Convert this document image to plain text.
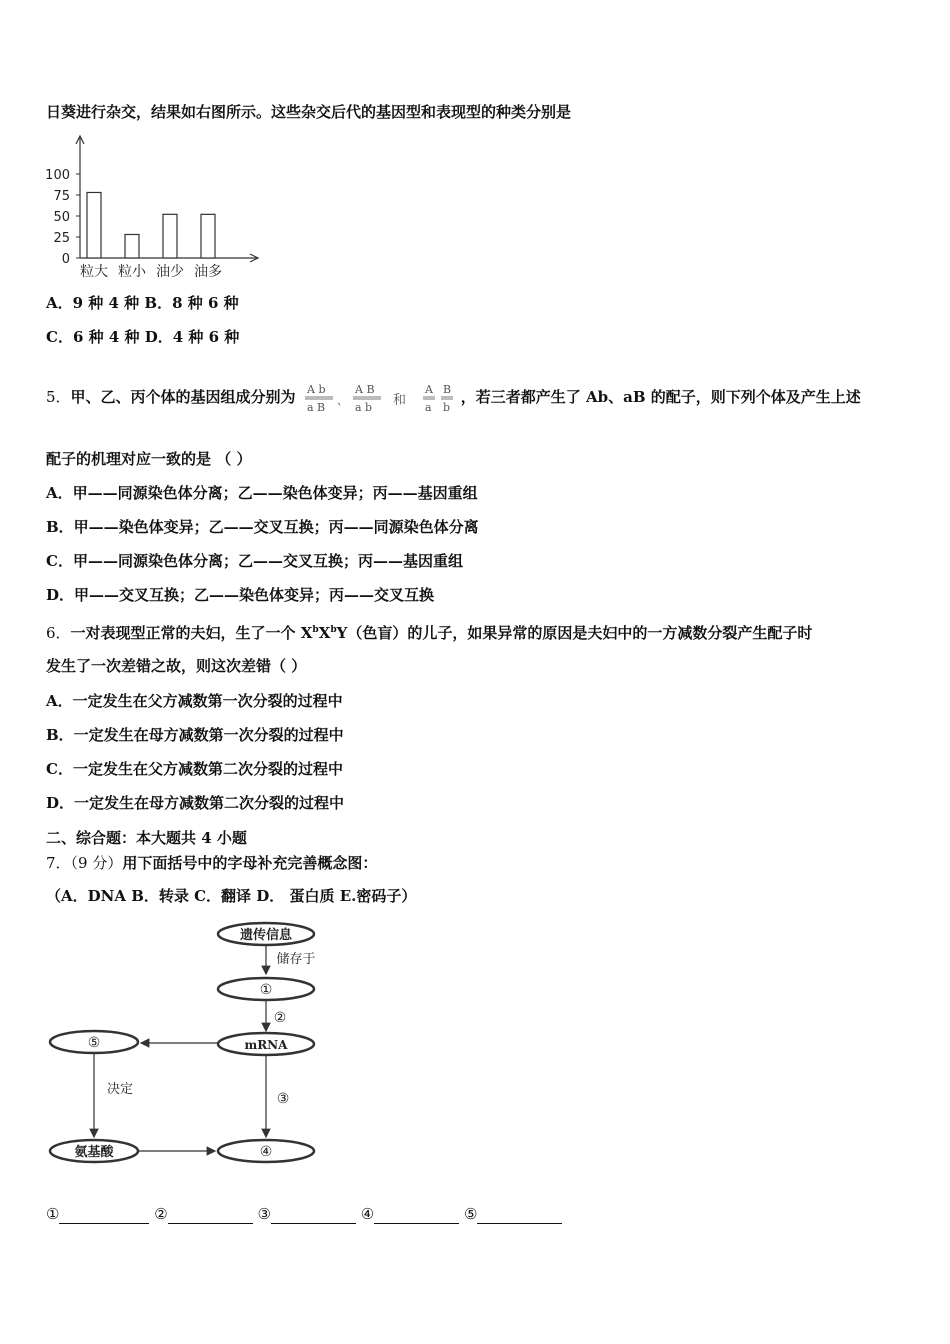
日葵进行杂交，结果如右图所示。这些杂交后代的基因型和表现型的种类分别是
100
75
50
25
0
粒大 粒小 油少 油多
A．9 种 4 种 B．8 种 6 种
C．6 种 4 种 D．4 种 6 种
5．甲、乙、丙个体的基因组成分别为 A b
a B
、
A B
a b 和
A
a
B
b
，若三者都产生了 Ab、aB 的配子，则下列个体及产生上述
配子的机理对应一致的是 （ ）
A．甲——同源染色体分离；乙——染色体变异；丙——基因重组
B．甲——染色体变异；乙——交叉互换；丙——同源染色体分离
C．甲——同源染色体分离；乙——交叉互换；丙——基因重组
D．甲——交叉互换；乙——染色体变异；丙——交叉互换
6．一对表现型正常的夫妇，生了一个 $X^bX^bY$（色盲）的儿子，如果异常的原因是夫妇中的一方减数分裂产生配子时
发生了一次差错之故，则这次差错（ ）
A．一定发生在父方减数第一次分裂的过程中
B．一定发生在母方减数第一次分裂的过程中
C．一定发生在父方减数第二次分裂的过程中
D．一定发生在母方减数第二次分裂的过程中
二、综合题：本大题共 4 小题
7．（9 分）用下面括号中的字母补充完善概念图：
（A．DNA B．转录 C．翻译 D． 蛋白质 E.密码子）
遗传信息
储存于
①
②
mRNA
⑤
决定
③
氨基酸	④
①	②	③	④	⑤
